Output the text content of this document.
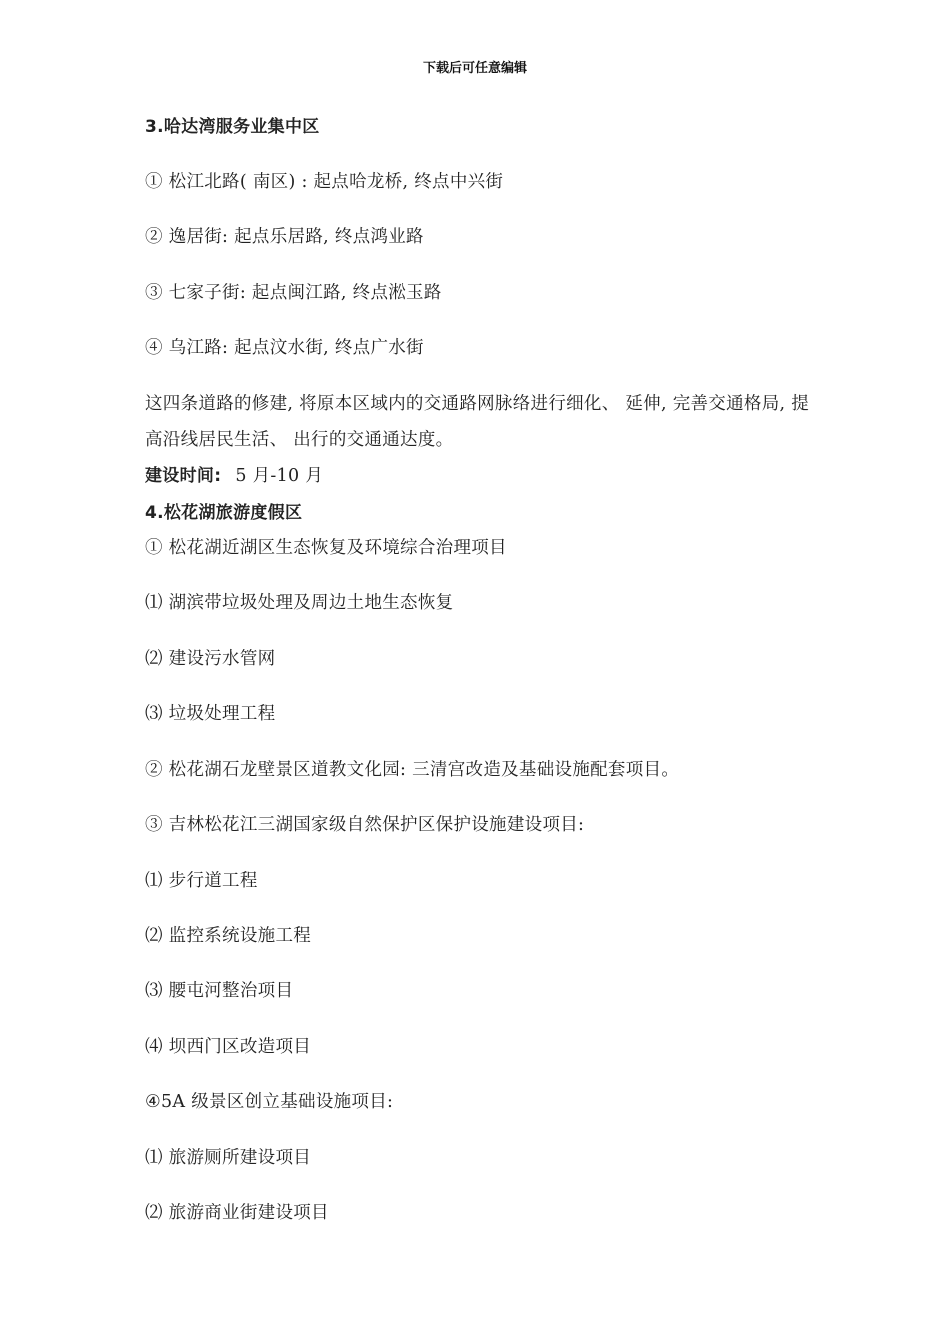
下载后可任意编辑
3.哈达湾服务业集中区
① 松江北路( 南区) : 起点哈龙桥, 终点中兴街
② 逸居街: 起点乐居路, 终点鸿业路
③ 七家子街: 起点闽江路, 终点淞玉路
④ 乌江路: 起点汶水街, 终点广水街
这四条道路的修建, 将原本区域内的交通路网脉络进行细化、 延伸, 完善交通格局, 提高沿线居民生活、 出行的交通通达度。
建设时间: 5 月-10 月
4.松花湖旅游度假区
① 松花湖近湖区生态恢复及环境综合治理项目
⑴ 湖滨带垃圾处理及周边土地生态恢复
⑵ 建设污水管网
⑶ 垃圾处理工程
② 松花湖石龙壁景区道教文化园: 三清宫改造及基础设施配套项目。
③ 吉林松花江三湖国家级自然保护区保护设施建设项目:
⑴ 步行道工程
⑵ 监控系统设施工程
⑶ 腰屯河整治项目
⑷ 坝西门区改造项目
④5A 级景区创立基础设施项目:
⑴ 旅游厕所建设项目
⑵ 旅游商业街建设项目
